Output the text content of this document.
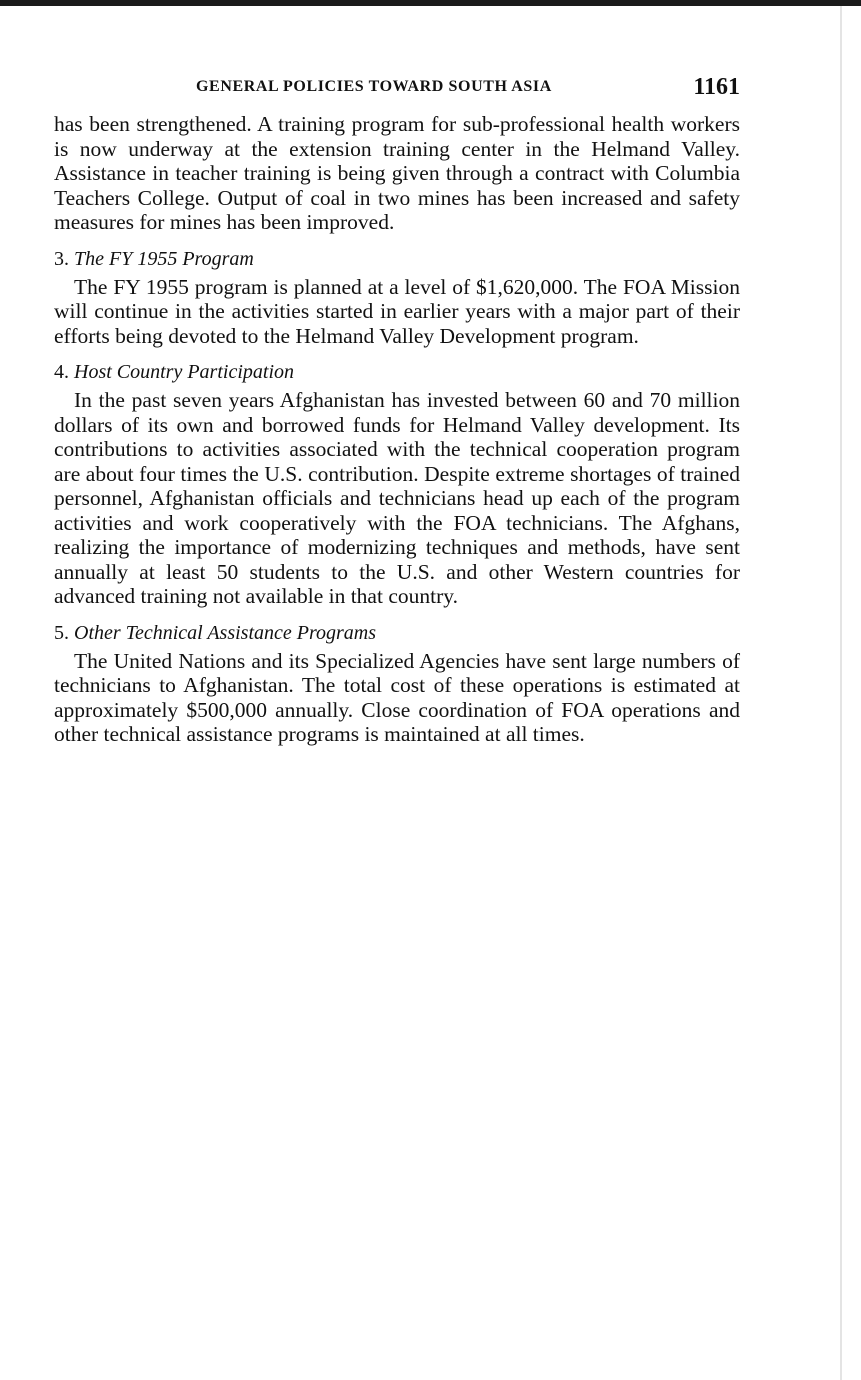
GENERAL POLICIES TOWARD SOUTH ASIA	1161

has been strengthened. A training program for sub-professional health workers is now underway at the extension training center in the Helmand Valley. Assistance in teacher training is being given through a contract with Columbia Teachers College. Output of coal in two mines has been increased and safety measures for mines has been improved.

3. The FY 1955 Program

The FY 1955 program is planned at a level of $1,620,000. The FOA Mission will continue in the activities started in earlier years with a major part of their efforts being devoted to the Helmand Valley Development program.

4. Host Country Participation

In the past seven years Afghanistan has invested between 60 and 70 million dollars of its own and borrowed funds for Helmand Valley development. Its contributions to activities associated with the technical cooperation program are about four times the U.S. contribution. Despite extreme shortages of trained personnel, Afghanistan officials and technicians head up each of the program activities and work cooperatively with the FOA technicians. The Afghans, realizing the importance of modernizing techniques and methods, have sent annually at least 50 students to the U.S. and other Western countries for advanced training not available in that country.

5. Other Technical Assistance Programs

The United Nations and its Specialized Agencies have sent large numbers of technicians to Afghanistan. The total cost of these operations is estimated at approximately $500,000 annually. Close coordination of FOA operations and other technical assistance programs is maintained at all times.
